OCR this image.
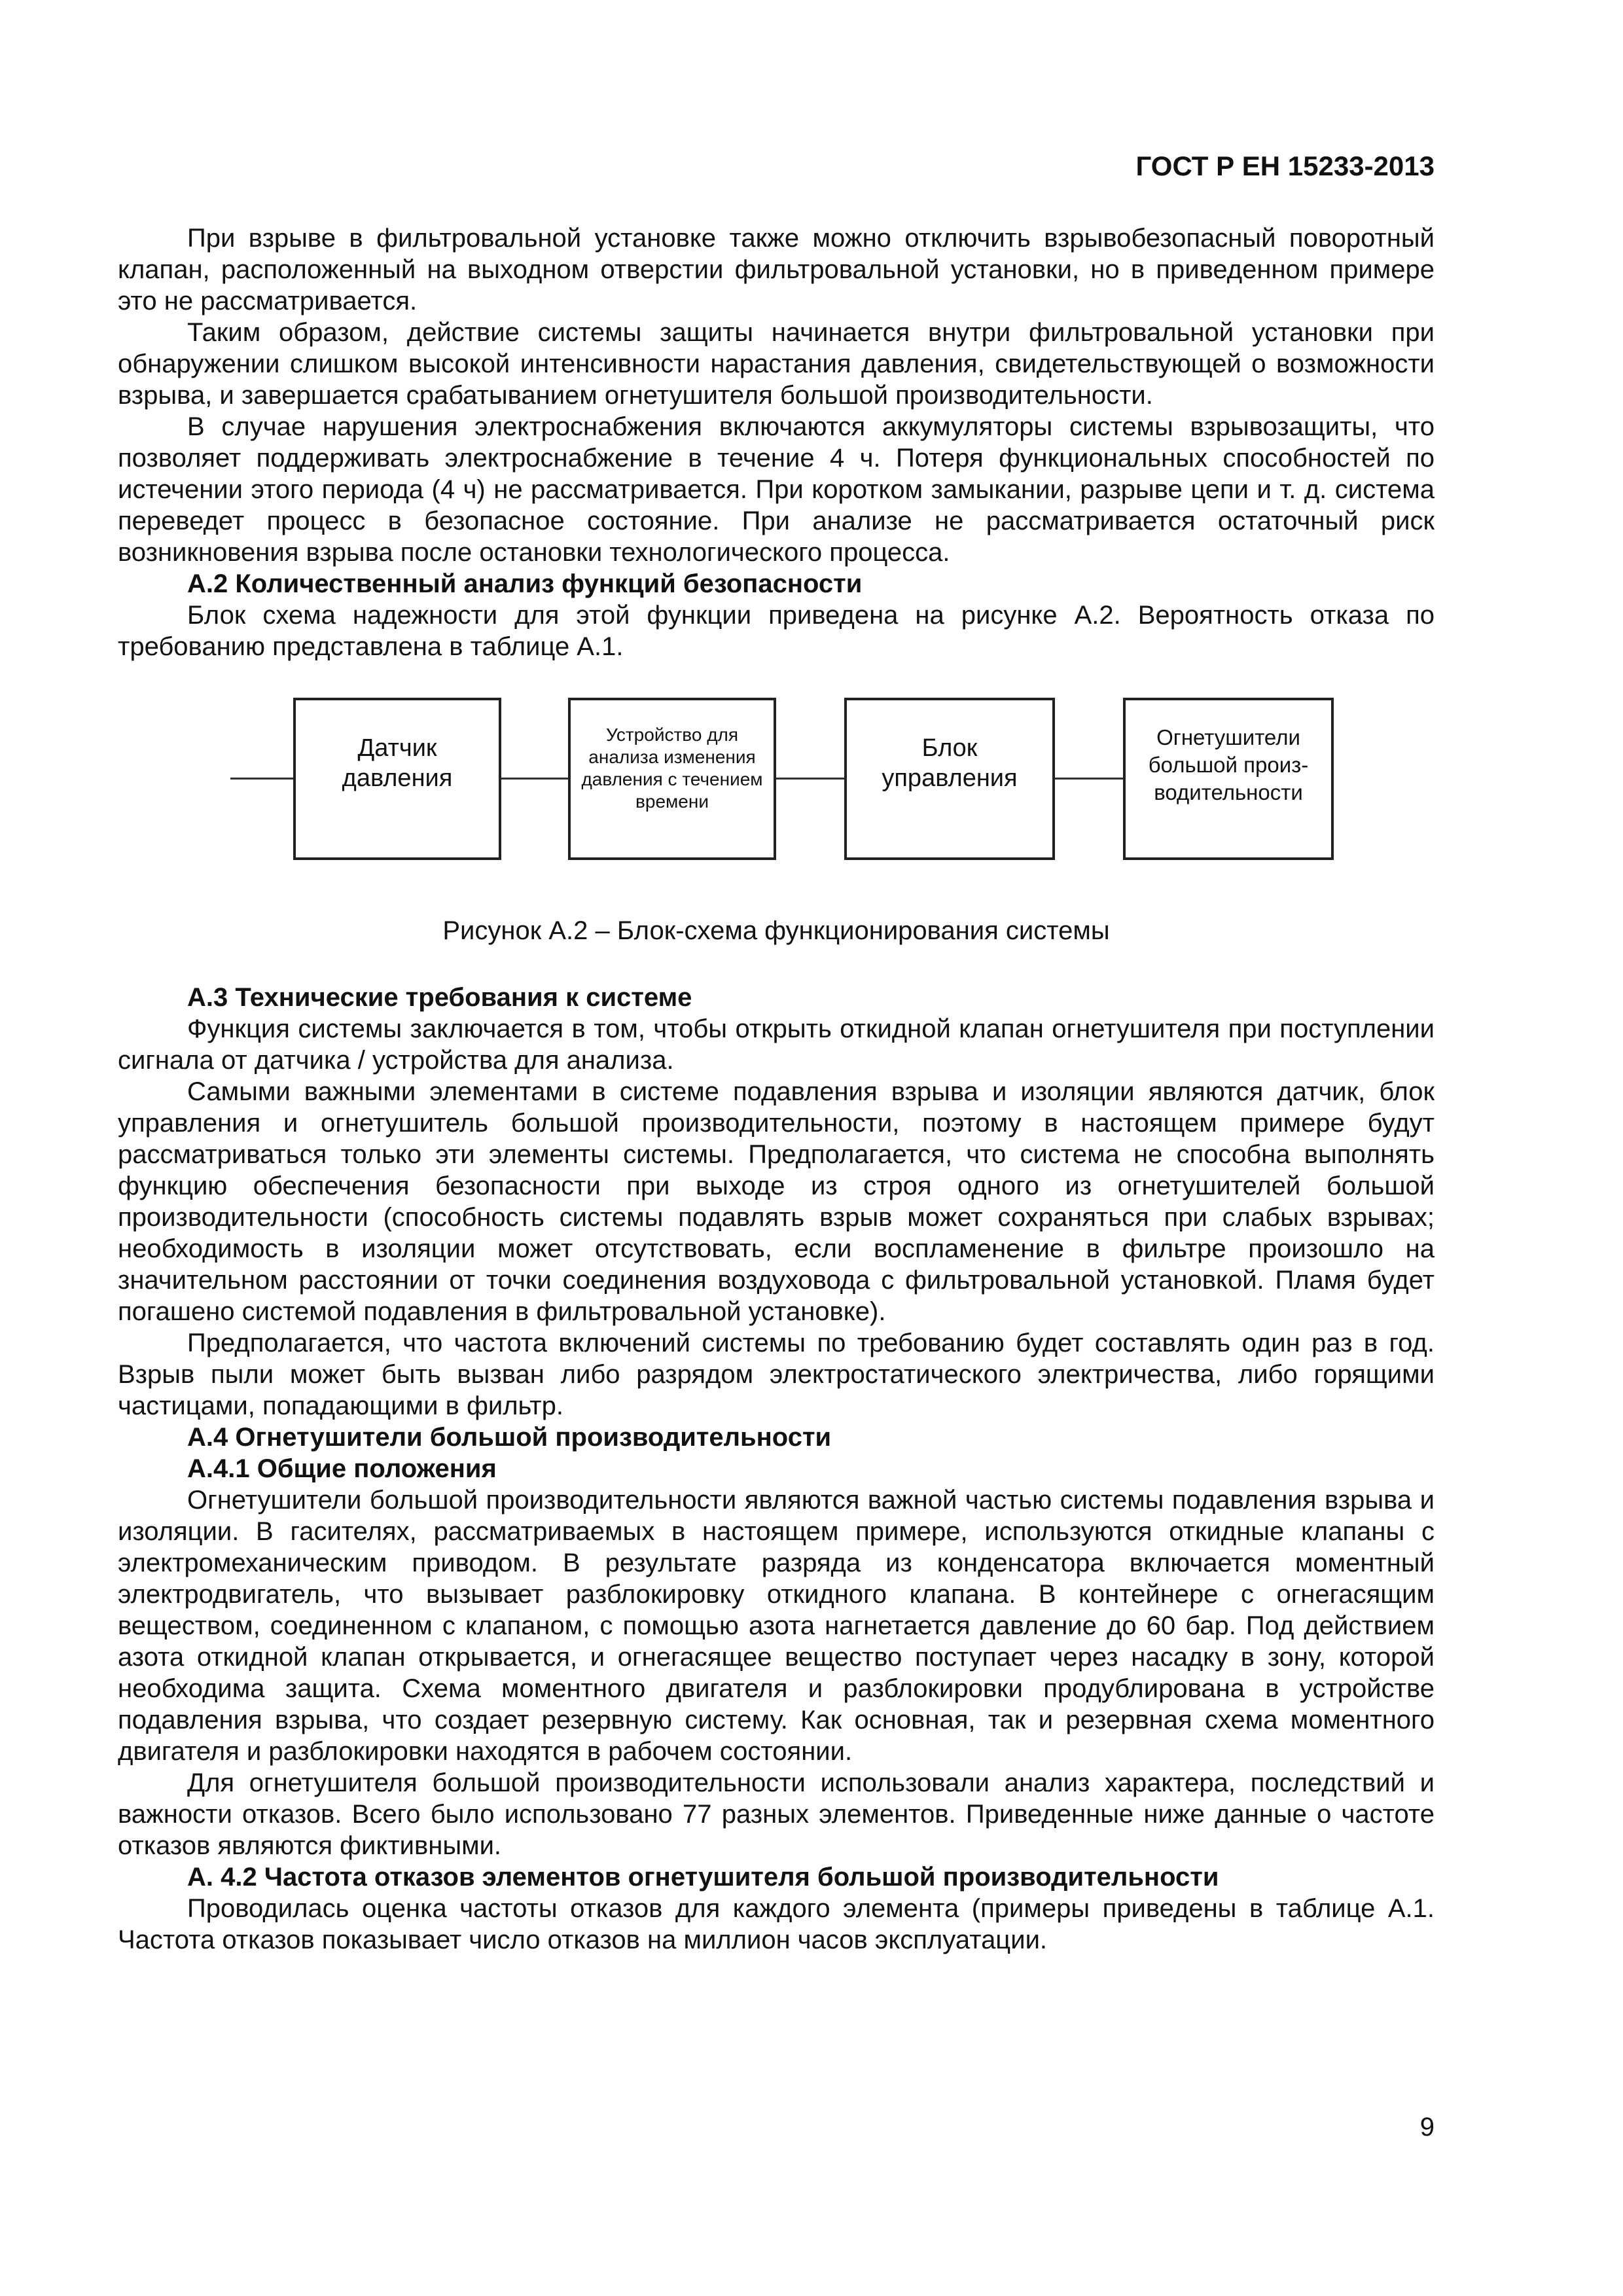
ГОСТ Р ЕН 15233-2013

При взрыве в фильтровальной установке также можно отключить взрывобезопасный поворотный клапан, расположенный на выходном отверстии фильтровальной установки, но в приведенном примере это не рассматривается.

Таким образом, действие системы защиты начинается внутри фильтровальной установки при обнаружении слишком высокой интенсивности нарастания давления, свидетельствующей о возможности взрыва, и завершается срабатыванием огнетушителя большой производительности.

В случае нарушения электроснабжения включаются аккумуляторы системы взрывозащиты, что позволяет поддерживать электроснабжение в течение 4 ч. Потеря функциональных способностей по истечении этого периода (4 ч) не рассматривается. При коротком замыкании, разрыве цепи и т. д. система переведет процесс в безопасное состояние. При анализе не рассматривается остаточный риск возникновения взрыва после остановки технологического процесса.

А.2 Количественный анализ функций безопасности

Блок схема надежности для этой функции приведена на рисунке А.2. Вероятность отказа по требованию представлена в таблице А.1.

Датчик давления
Устройство для анализа изменения давления с течением времени
Блок управления
Огнетушители большой произ-водительности
Рисунок А.2 – Блок-схема функционирования системы

А.3 Технические требования к системе

Функция системы заключается в том, чтобы открыть откидной клапан огнетушителя при поступлении сигнала от датчика / устройства для анализа.

Самыми важными элементами в системе подавления взрыва и изоляции являются датчик, блок управления и огнетушитель большой производительности, поэтому в настоящем примере будут рассматриваться только эти элементы системы. Предполагается, что система не способна выполнять функцию обеспечения безопасности при выходе из строя одного из огнетушителей большой производительности (способность системы подавлять взрыв может сохраняться при слабых взрывах; необходимость в изоляции может отсутствовать, если воспламенение в фильтре произошло на значительном расстоянии от точки соединения воздуховода с фильтровальной установкой. Пламя будет погашено системой подавления в фильтровальной установке).

Предполагается, что частота включений системы по требованию будет составлять один раз в год. Взрыв пыли может быть вызван либо разрядом электростатического электричества, либо горящими частицами, попадающими в фильтр.

А.4 Огнетушители большой производительности

А.4.1 Общие положения

Огнетушители большой производительности являются важной частью системы подавления взрыва и изоляции. В гасителях, рассматриваемых в настоящем примере, используются откидные клапаны с электромеханическим приводом. В результате разряда из конденсатора включается моментный электродвигатель, что вызывает разблокировку откидного клапана. В контейнере с огнегасящим веществом, соединенном с клапаном, с помощью азота нагнетается давление до 60 бар. Под действием азота откидной клапан открывается, и огнегасящее вещество поступает через насадку в зону, которой необходима защита. Схема моментного двигателя и разблокировки продублирована в устройстве подавления взрыва, что создает резервную систему. Как основная, так и резервная схема моментного двигателя и разблокировки находятся в рабочем состоянии.

Для огнетушителя большой производительности использовали анализ характера, последствий и важности отказов. Всего было использовано 77 разных элементов. Приведенные ниже данные о частоте отказов являются фиктивными.

А. 4.2 Частота отказов элементов огнетушителя большой производительности

Проводилась оценка частоты отказов для каждого элемента (примеры приведены в таблице А.1. Частота отказов показывает число отказов на миллион часов эксплуатации.

9
